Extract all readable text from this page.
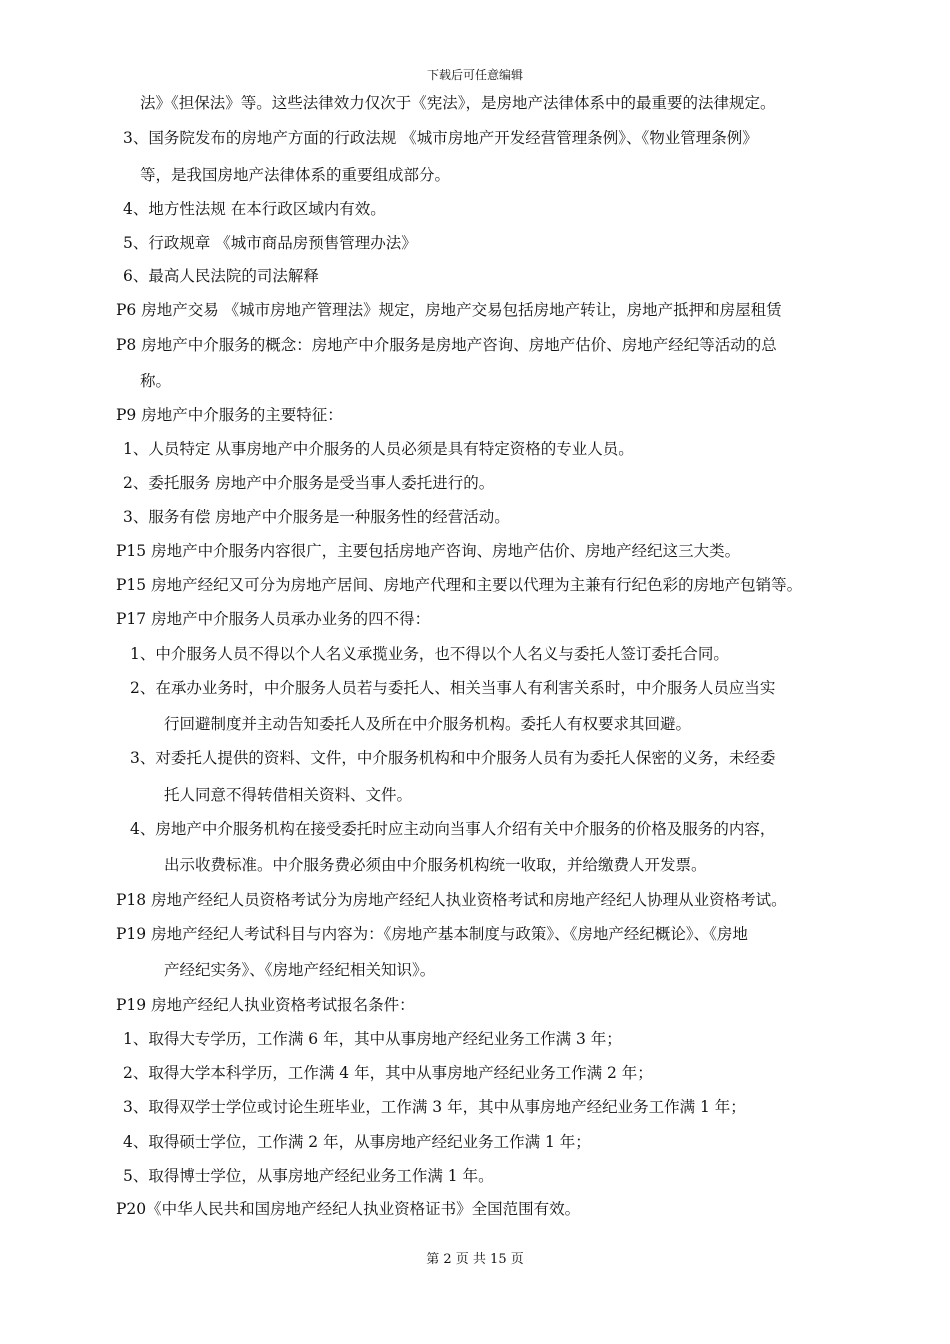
下载后可任意编辑
法》《担保法》等。这些法律效力仅次于《宪法》，是房地产法律体系中的最重要的法律规定。
3、国务院发布的房地产方面的行政法规 《城市房地产开发经营管理条例》、《物业管理条例》
等，是我国房地产法律体系的重要组成部分。
4、地方性法规 在本行政区域内有效。
5、行政规章 《城市商品房预售管理办法》
6、最高人民法院的司法解释
P6 房地产交易 《城市房地产管理法》规定，房地产交易包括房地产转让，房地产抵押和房屋租赁
P8 房地产中介服务的概念：房地产中介服务是房地产咨询、房地产估价、房地产经纪等活动的总
称。
P9 房地产中介服务的主要特征：
1、人员特定 从事房地产中介服务的人员必须是具有特定资格的专业人员。
2、委托服务 房地产中介服务是受当事人委托进行的。
3、服务有偿 房地产中介服务是一种服务性的经营活动。
P15 房地产中介服务内容很广，主要包括房地产咨询、房地产估价、房地产经纪这三大类。
P15 房地产经纪又可分为房地产居间、房地产代理和主要以代理为主兼有行纪色彩的房地产包销等。
P17 房地产中介服务人员承办业务的四不得：
1、中介服务人员不得以个人名义承揽业务，也不得以个人名义与委托人签订委托合同。
2、在承办业务时，中介服务人员若与委托人、相关当事人有利害关系时，中介服务人员应当实
行回避制度并主动告知委托人及所在中介服务机构。委托人有权要求其回避。
3、对委托人提供的资料、文件，中介服务机构和中介服务人员有为委托人保密的义务，未经委
托人同意不得转借相关资料、文件。
4、房地产中介服务机构在接受委托时应主动向当事人介绍有关中介服务的价格及服务的内容，
出示收费标准。中介服务费必须由中介服务机构统一收取，并给缴费人开发票。
P18 房地产经纪人员资格考试分为房地产经纪人执业资格考试和房地产经纪人协理从业资格考试。
P19 房地产经纪人考试科目与内容为：《房地产基本制度与政策》、《房地产经纪概论》、《房地
产经纪实务》、《房地产经纪相关知识》。
P19 房地产经纪人执业资格考试报名条件：
1、取得大专学历，工作满 6 年，其中从事房地产经纪业务工作满 3 年；
2、取得大学本科学历，工作满 4 年，其中从事房地产经纪业务工作满 2 年；
3、取得双学士学位或讨论生班毕业，工作满 3 年，其中从事房地产经纪业务工作满 1 年；
4、取得硕士学位，工作满 2 年，从事房地产经纪业务工作满 1 年；
5、取得博士学位，从事房地产经纪业务工作满 1 年。
P20《中华人民共和国房地产经纪人执业资格证书》全国范围有效。
第 2 页 共 15 页
